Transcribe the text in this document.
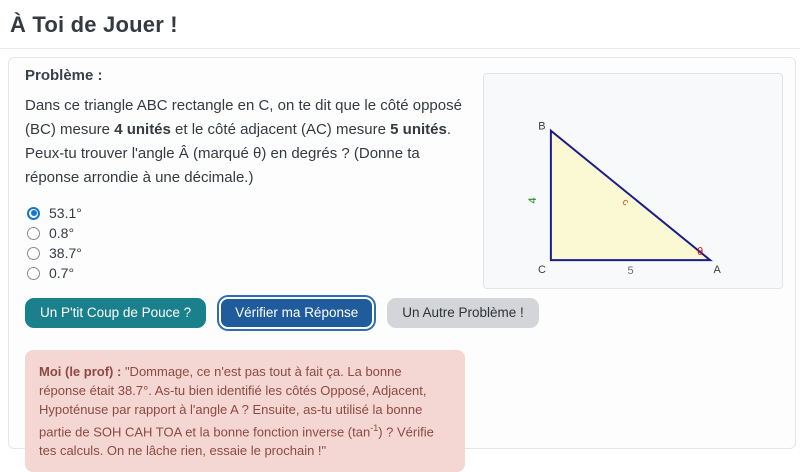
À Toi de Jouer !
Problème :

Dans ce triangle ABC rectangle en C, on te dit que le côté opposé (BC) mesure 4 unités et le côté adjacent (AC) mesure 5 unités. Peux-tu trouver l'angle Â (marqué θ) en degrés ? (Donne ta réponse arrondie à une décimale.)

53.1°
0.8°
38.7°
0.7°
Un P'tit Coup de Pouce ?	Vérifier ma Réponse	Un Autre Problème !
Moi (le prof) : "Dommage, ce n'est pas tout à fait ça. La bonne réponse était 38.7°. As-tu bien identifié les côtés Opposé, Adjacent, Hypoténuse par rapport à l'angle A ? Ensuite, as-tu utilisé la bonne partie de SOH CAH TOA et la bonne fonction inverse $(\tan^{-1})$ ? Vérifie tes calculs. On ne lâche rien, essaie le prochain !"
B
C	A
4
5
c
θ
